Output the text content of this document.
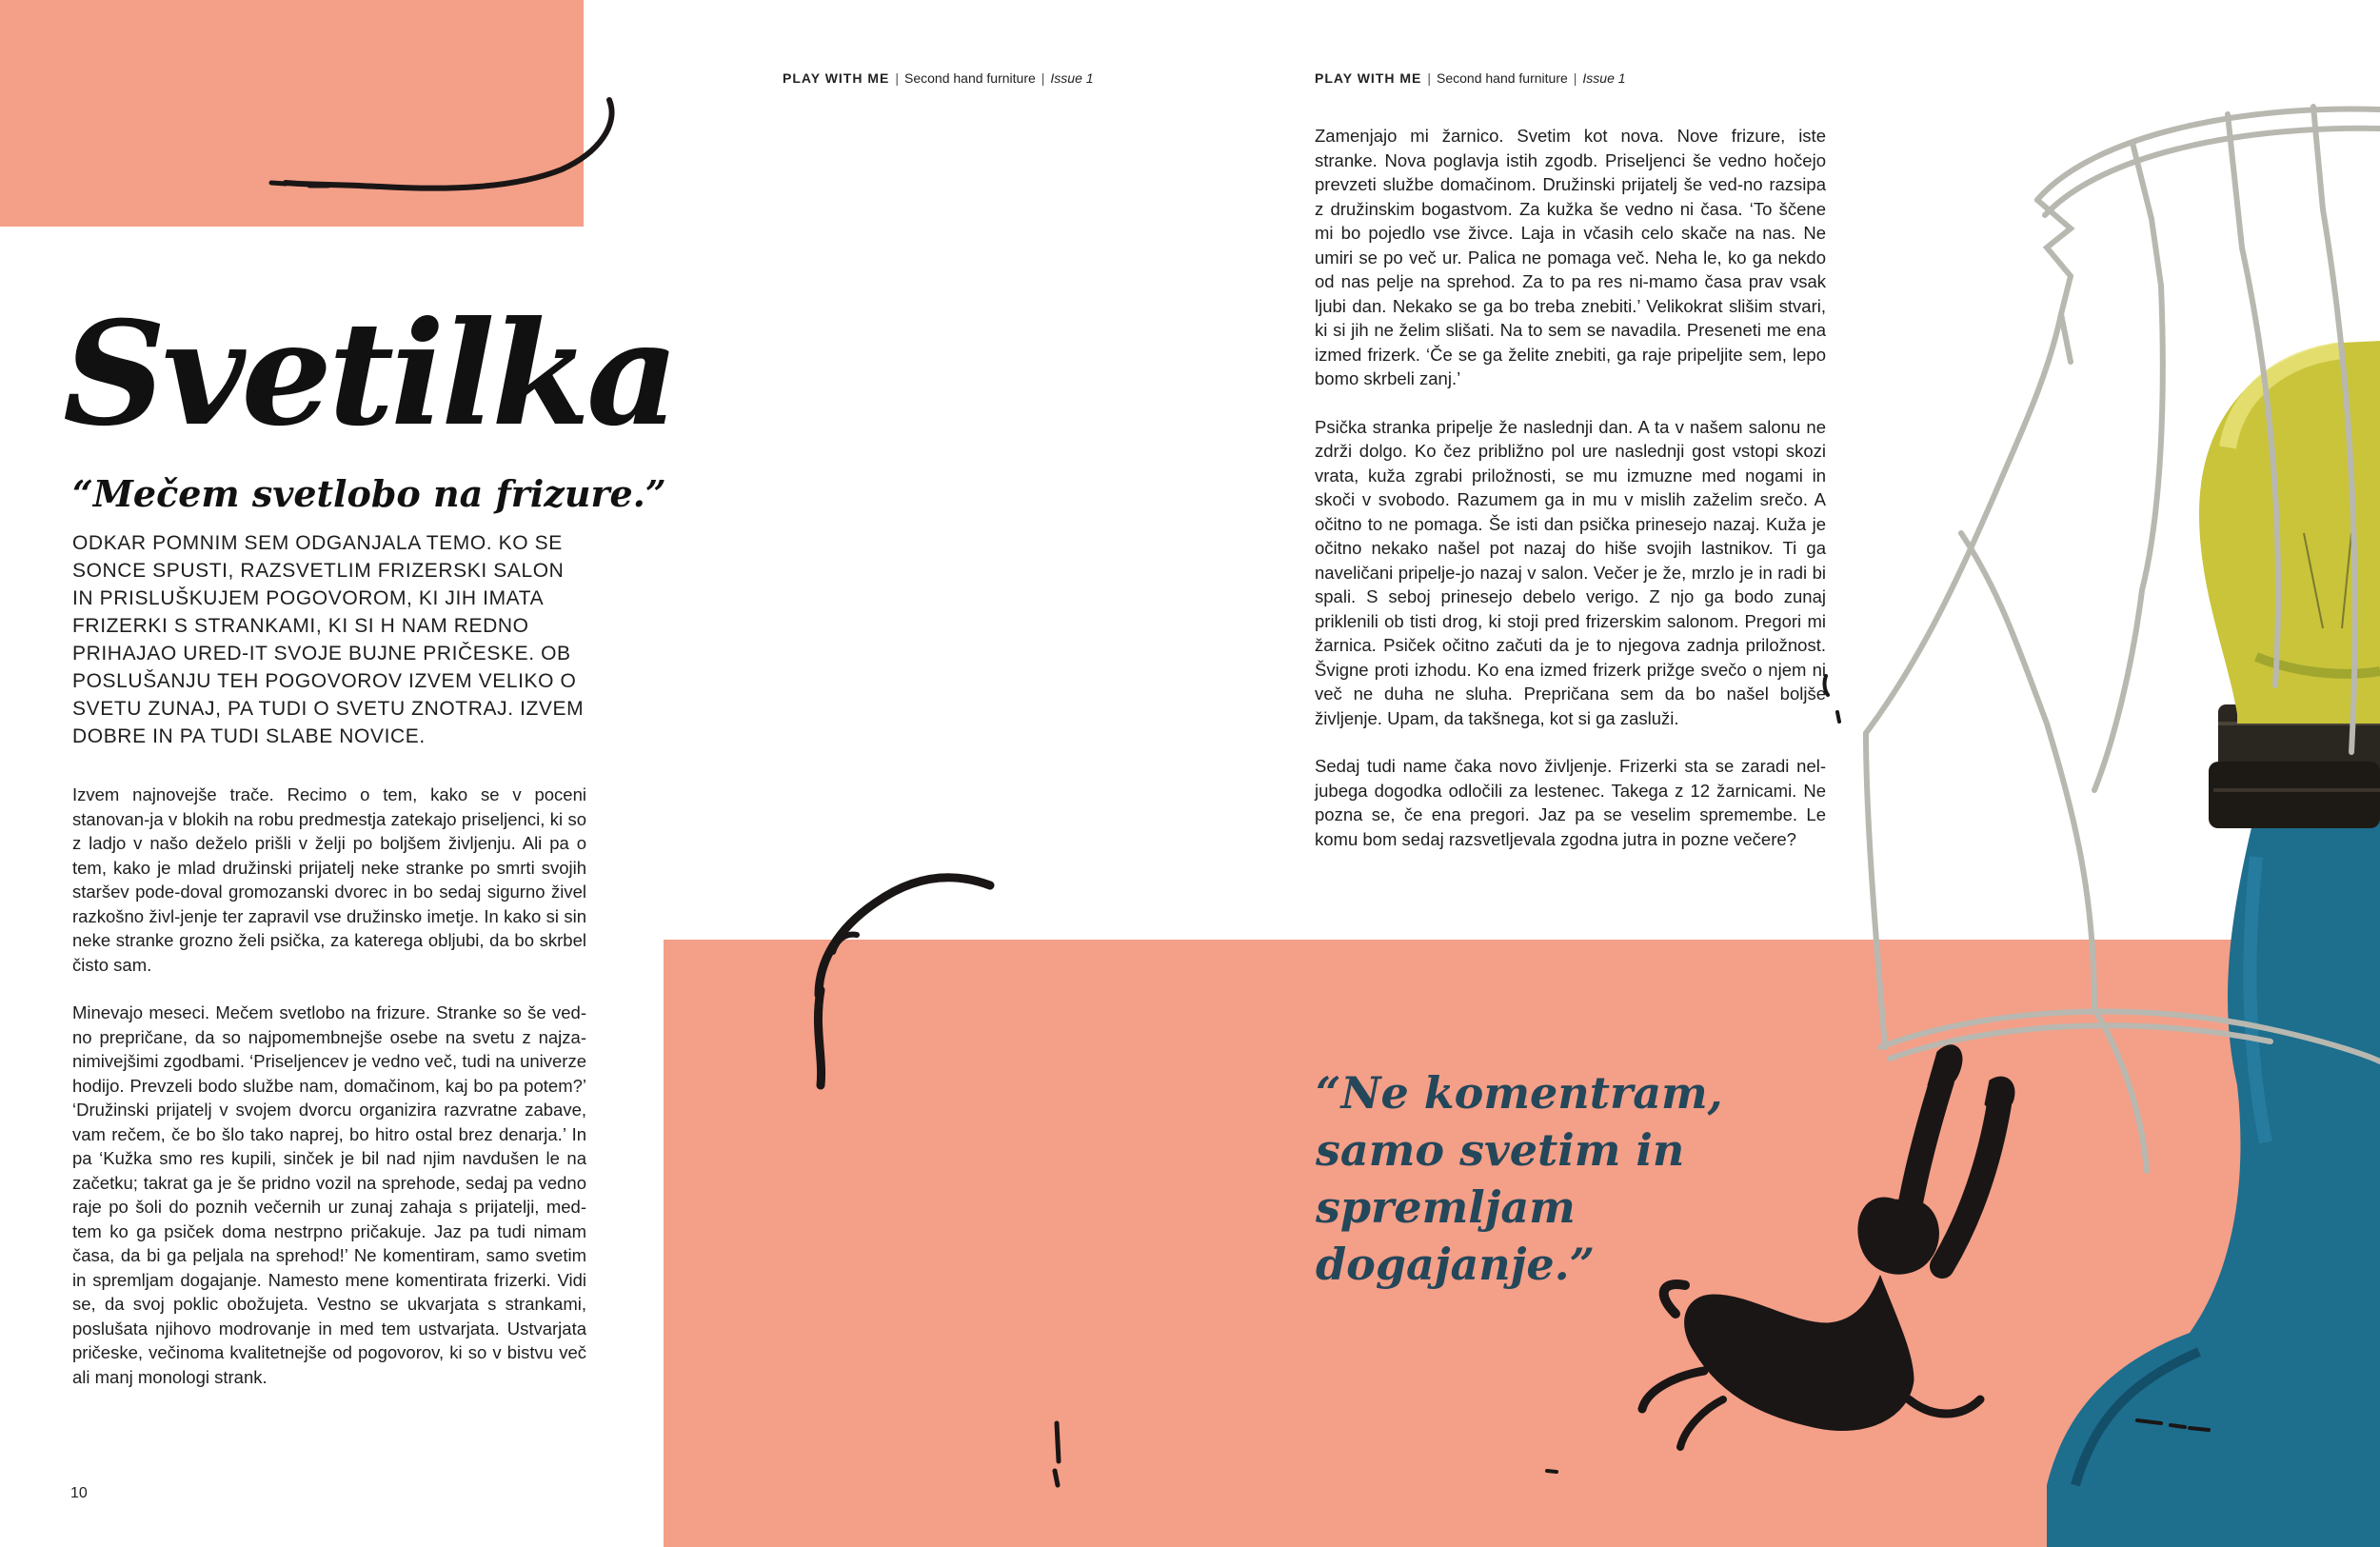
PLAY WITH ME | Second hand furniture | Issue 1	PLAY WITH ME | Second hand furniture | Issue 1
Svetilka
“Mečem svetlobo na frizure.”
ODKAR POMNIM SEM ODGANJALA TEMO. KO SE SONCE SPUSTI, RAZSVETLIM FRIZERSKI SALON IN PRISLUŠKUJEM POGOVOROM, KI JIH IMATA FRIZERKI S STRANKAMI, KI SI H NAM REDNO PRIHAJAO URED-IT SVOJE BUJNE PRIČESKE. OB POSLUŠANJU TEH POGOVOROV IZVEM VELIKO O SVETU ZUNAJ, PA TUDI O SVETU ZNOTRAJ. IZVEM DOBRE IN PA TUDI SLABE NOVICE.

Izvem najnovejše trače. Recimo o tem, kako se v poceni stanovan-ja v blokih na robu predmestja zatekajo priseljenci, ki so z ladjo v našo deželo prišli v želji po boljšem življenju. Ali pa o tem, kako je mlad družinski prijatelj neke stranke po smrti svojih staršev pode-doval gromozanski dvorec in bo sedaj sigurno živel razkošno živl-jenje ter zapravil vse družinsko imetje. In kako si sin neke stranke grozno želi psička, za katerega obljubi, da bo skrbel čisto sam.

Minevajo meseci. Mečem svetlobo na frizure. Stranke so še ved-no prepričane, da so najpomembnejše osebe na svetu z najza-nimivejšimi zgodbami. ‘Priseljencev je vedno več, tudi na univerze hodijo. Prevzeli bodo službe nam, domačinom, kaj bo pa potem?’ ‘Družinski prijatelj v svojem dvorcu organizira razvratne zabave, vam rečem, če bo šlo tako naprej, bo hitro ostal brez denarja.’ In pa ‘Kužka smo res kupili, sinček je bil nad njim navdušen le na začetku; takrat ga je še pridno vozil na sprehode, sedaj pa vedno raje po šoli do poznih večernih ur zunaj zahaja s prijatelji, med-tem ko ga psiček doma nestrpno pričakuje. Jaz pa tudi nimam časa, da bi ga peljala na sprehod!’ Ne komentiram, samo svetim in spremljam dogajanje. Namesto mene komentirata frizerki. Vidi se, da svoj poklic obožujeta. Vestno se ukvarjata s strankami, poslušata njihovo modrovanje in med tem ustvarjata. Ustvarjata pričeske, večinoma kvalitetnejše od pogovorov, ki so v bistvu več ali manj monologi strank.

Zamenjajo mi žarnico. Svetim kot nova. Nove frizure, iste stranke. Nova poglavja istih zgodb. Priseljenci še vedno hočejo prevzeti službe domačinom. Družinski prijatelj še ved-no razsipa z družinskim bogastvom. Za kužka še vedno ni časa. ‘To ščene mi bo pojedlo vse živce. Laja in včasih celo skače na nas. Ne umiri se po več ur. Palica ne pomaga več. Neha le, ko ga nekdo od nas pelje na sprehod. Za to pa res ni-mamo časa prav vsak ljubi dan. Nekako se ga bo treba znebiti.’ Velikokrat slišim stvari, ki si jih ne želim slišati. Na to sem se navadila. Preseneti me ena izmed frizerk. ‘Če se ga želite znebiti, ga raje pripeljite sem, lepo bomo skrbeli zanj.’

Psička stranka pripelje že naslednji dan. A ta v našem salonu ne zdrži dolgo. Ko čez približno pol ure naslednji gost vstopi skozi vrata, kuža zgrabi priložnosti, se mu izmuzne med nogami in skoči v svobodo. Razumem ga in mu v mislih zaželim srečo. A očitno to ne pomaga. Še isti dan psička prinesejo nazaj. Kuža je očitno nekako našel pot nazaj do hiše svojih lastnikov. Ti ga naveličani pripelje-jo nazaj v salon. Večer je že, mrzlo je in radi bi spali. S seboj prinesejo debelo verigo. Z njo ga bodo zunaj priklenili ob tisti drog, ki stoji pred frizerskim salonom. Pregori mi žarnica. Psiček očitno začuti da je to njegova zadnja priložnost. Švigne proti izhodu. Ko ena izmed frizerk prižge svečo o njem ni več ne duha ne sluha. Prepričana sem da bo našel boljše življenje. Upam, da takšnega, kot si ga zasluži.

Sedaj tudi name čaka novo življenje. Frizerki sta se zaradi nel-jubega dogodka odločili za lestenec. Takega z 12 žarnicami. Ne pozna se, če ena pregori. Jaz pa se veselim spremembe. Le komu bom sedaj razsvetljevala zgodna jutra in pozne večere?

“Ne komentram, samo svetim in spremljam dogajanje.”
10
